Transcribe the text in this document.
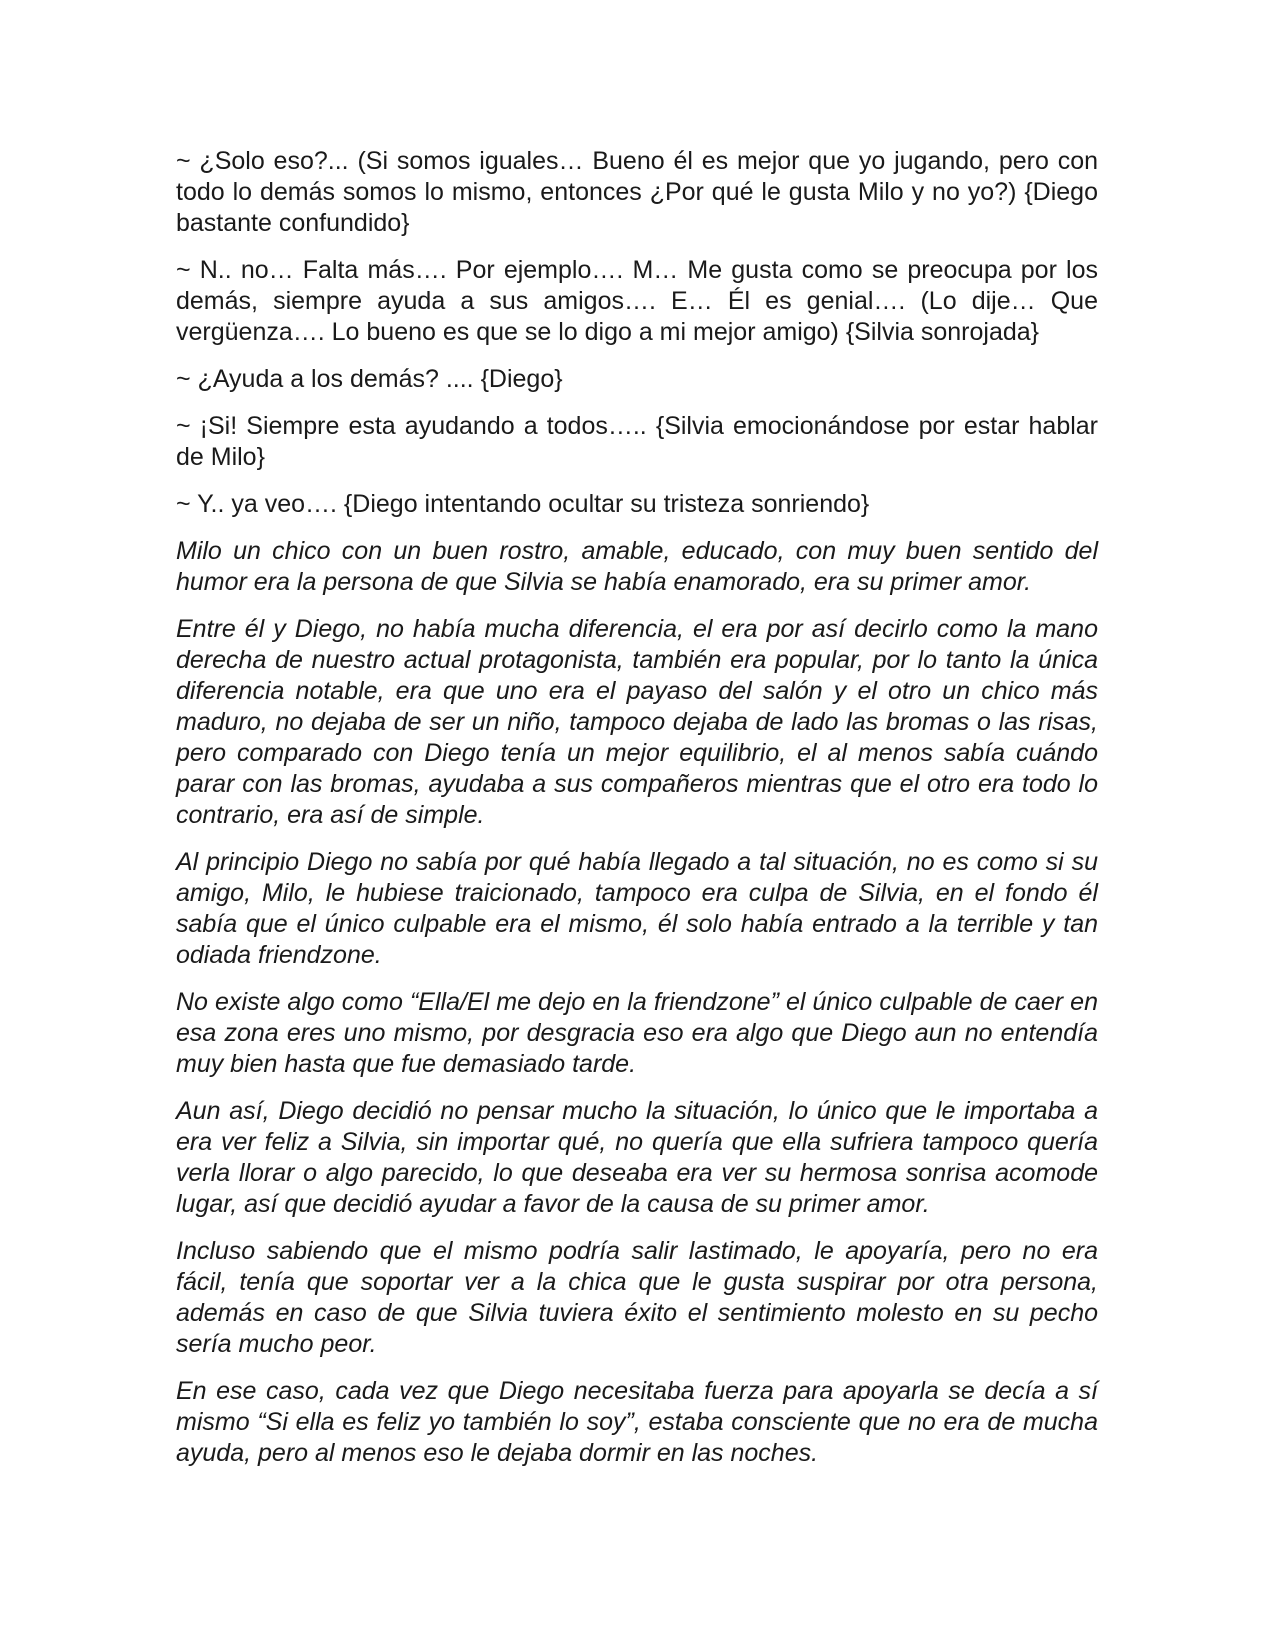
~ ¿Solo eso?... (Si somos iguales… Bueno él es mejor que yo jugando, pero con todo lo demás somos lo mismo, entonces ¿Por qué le gusta Milo y no yo?) {Diego bastante confundido}

~ N.. no… Falta más…. Por ejemplo…. M… Me gusta como se preocupa por los demás, siempre ayuda a sus amigos…. E… Él es genial…. (Lo dije… Que vergüenza…. Lo bueno es que se lo digo a mi mejor amigo) {Silvia sonrojada}

~ ¿Ayuda a los demás? .... {Diego}

~ ¡Si! Siempre esta ayudando a todos….. {Silvia emocionándose por estar hablar de Milo}

~ Y.. ya veo…. {Diego intentando ocultar su tristeza sonriendo}

Milo un chico con un buen rostro, amable, educado, con muy buen sentido del humor era la persona de que Silvia se había enamorado, era su primer amor.

Entre él y Diego, no había mucha diferencia, el era por así decirlo como la mano derecha de nuestro actual protagonista, también era popular, por lo tanto la única diferencia notable, era que uno era el payaso del salón y el otro un chico más maduro, no dejaba de ser un niño, tampoco dejaba de lado las bromas o las risas, pero comparado con Diego tenía un mejor equilibrio, el al menos sabía cuándo parar con las bromas, ayudaba a sus compañeros mientras que el otro era todo lo contrario, era así de simple.

Al principio Diego no sabía por qué había llegado a tal situación, no es como si su amigo, Milo, le hubiese traicionado, tampoco era culpa de Silvia, en el fondo él sabía que el único culpable era el mismo, él solo había entrado a la terrible y tan odiada friendzone.

No existe algo como “Ella/El me dejo en la friendzone” el único culpable de caer en esa zona eres uno mismo, por desgracia eso era algo que Diego aun no entendía muy bien hasta que fue demasiado tarde.

Aun así, Diego decidió no pensar mucho la situación, lo único que le importaba a era ver feliz a Silvia, sin importar qué, no quería que ella sufriera tampoco quería verla llorar o algo parecido, lo que deseaba era ver su hermosa sonrisa acomode lugar, así que decidió ayudar a favor de la causa de su primer amor.

Incluso sabiendo que el mismo podría salir lastimado, le apoyaría, pero no era fácil, tenía que soportar ver a la chica que le gusta suspirar por otra persona, además en caso de que Silvia tuviera éxito el sentimiento molesto en su pecho sería mucho peor.

En ese caso, cada vez que Diego necesitaba fuerza para apoyarla se decía a sí mismo “Si ella es feliz yo también lo soy”, estaba consciente que no era de mucha ayuda, pero al menos eso le dejaba dormir en las noches.
